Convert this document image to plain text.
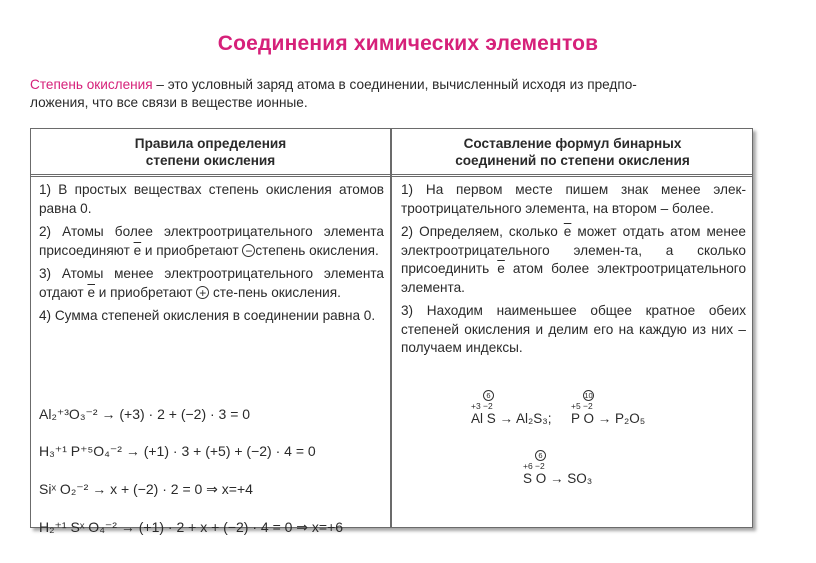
Соединения химических элементов
Степень окисления – это условный заряд атома в соединении, вычисленный исходя из предпо-
ложения, что все связи в веществе ионные.
Правила определения
степени окисления
1) В простых веществах степень окисления атомов равна 0.
2) Атомы более электроотрицательного элемента присоединяют е и приобретают − степень окисления.
3) Атомы менее электроотрицательного элемента отдают е и приобретают + сте-пень окисления.
4) Сумма степеней окисления в соединении равна 0.
Al₂⁺³O₃⁻² → (+3) · 2 + (−2) · 3 = 0
H₃⁺¹ P⁺⁵O₄⁻² → (+1) · 3 + (+5) + (−2) · 4 = 0
Siˣ O₂⁻² → x + (−2) · 2 = 0 ⇒ x=+4
H₂⁺¹ Sˣ O₄⁻² → (+1) · 2 + x + (−2) · 4 = 0 ⇒ x=+6
Составление формул бинарных
соединений по степени окисления
1) На первом месте пишем знак менее элек-троотрицательного элемента, на втором – более.
2) Определяем, сколько е может отдать атом менее электроотрицательного элемен-та, а сколько присоединить е атом более электроотрицательного элемента.
3) Находим наименьшее общее кратное обеих степеней окисления и делим его на каждую из них – получаем индексы.
6
+3 −2
Al S → Al₂S₃;
10
+5 −2
P O → P₂O₅
6
+6 −2
S O → SO₃
